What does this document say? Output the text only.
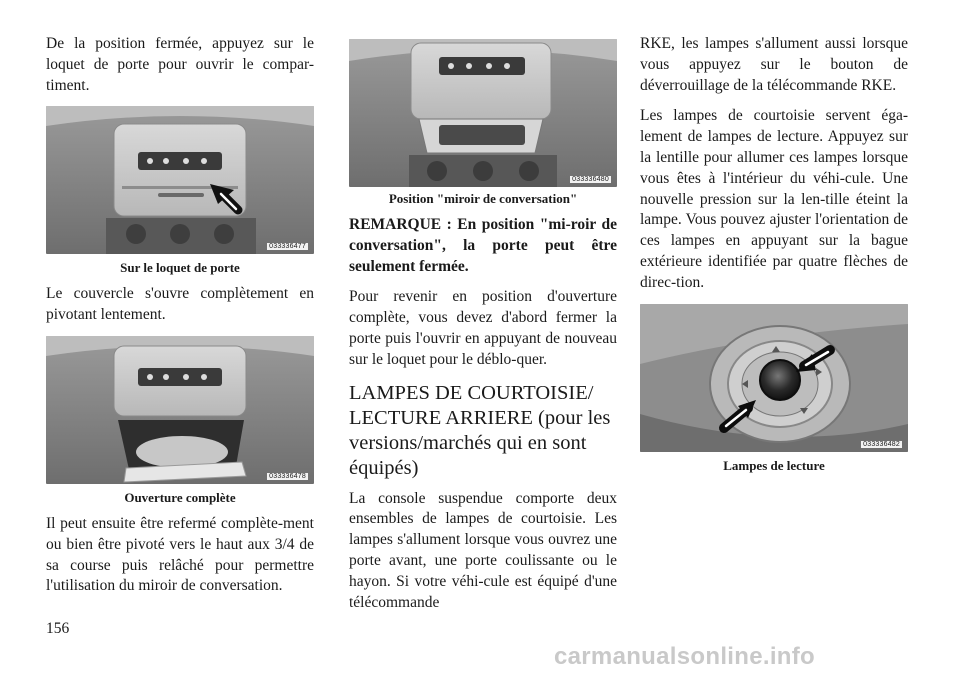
De la position fermée, appuyez sur le loquet de porte pour ouvrir le compar-timent.

033336477
Sur le loquet de porte

Le couvercle s'ouvre complètement en pivotant lentement.

033336478
Ouverture complète

Il peut ensuite être refermé complète-ment ou bien être pivoté vers le haut aux 3/4 de sa course puis relâché pour permettre l'utilisation du miroir de conversation.

033336480
Position "miroir de conversation"

REMARQUE : En position "mi-roir de conversation", la porte peut être seulement fermée.

Pour revenir en position d'ouverture complète, vous devez d'abord fermer la porte puis l'ouvrir en appuyant de nouveau sur le loquet pour le déblo-quer.

LAMPES DE COURTOISIE/ LECTURE ARRIERE (pour les versions/marchés qui en sont équipés)

La console suspendue comporte deux ensembles de lampes de courtoisie. Les lampes s'allument lorsque vous ouvrez une porte avant, une porte coulissante ou le hayon. Si votre véhi-cule est équipé d'une télécommande

RKE, les lampes s'allument aussi lorsque vous appuyez sur le bouton de déverrouillage de la télécommande RKE.

Les lampes de courtoisie servent éga-lement de lampes de lecture. Appuyez sur la lentille pour allumer ces lampes lorsque vous êtes à l'intérieur du véhi-cule. Une nouvelle pression sur la len-tille éteint la lampe. Vous pouvez ajuster l'orientation de ces lampes en appuyant sur la bague extérieure identifiée par quatre flèches de direc-tion.

033336482
Lampes de lecture
156
carmanualsonline.info
